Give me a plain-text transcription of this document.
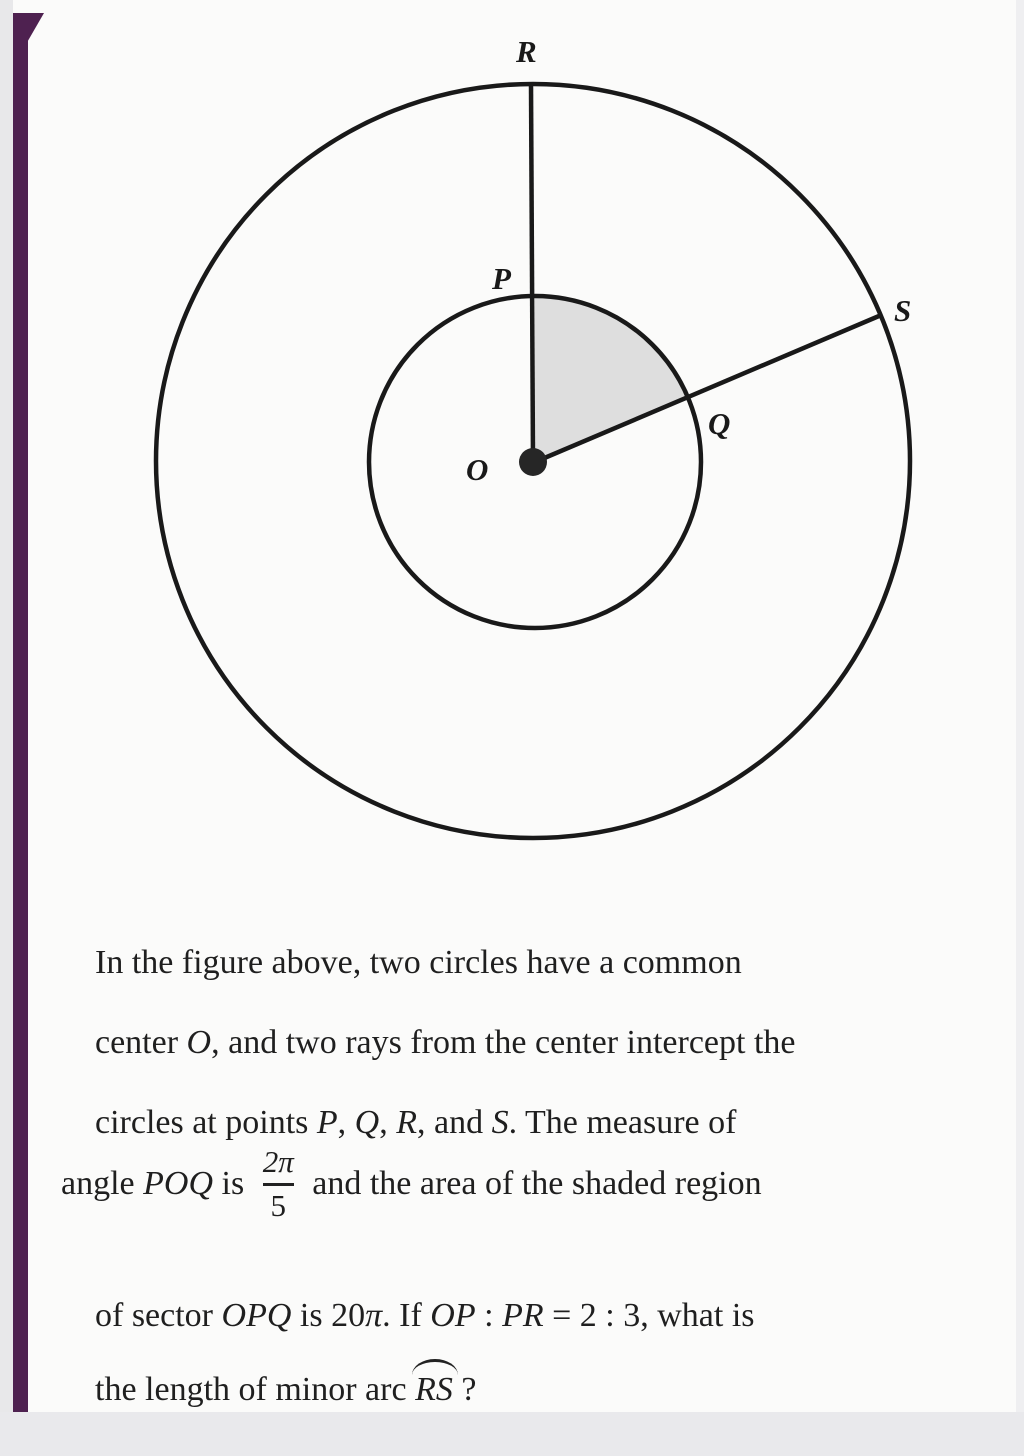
R
P
S
Q
O

In the figure above, two circles have a common

center O, and two rays from the center intercept the

circles at points P, Q, R, and S. The measure of

angle POQ is $\frac{2\pi}{5}$ and the area of the shaded region

of sector OPQ is 20π. If OP : PR = 2 : 3, what is

the length of minor arc RS ?
